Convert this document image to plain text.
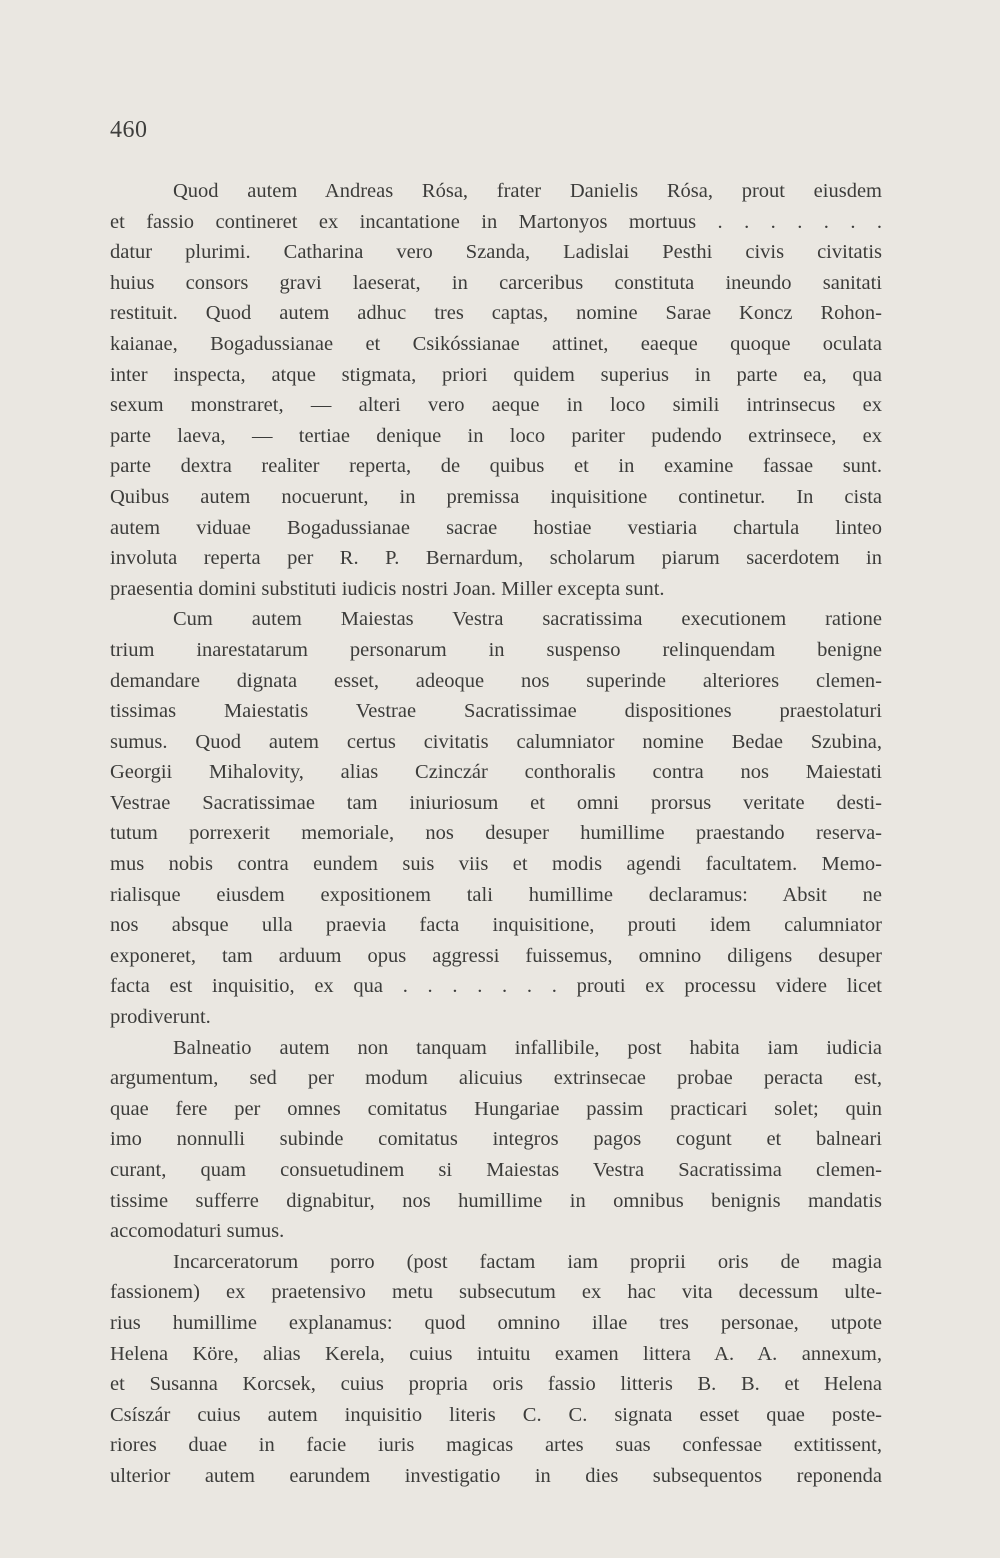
460
Quod autem Andreas Rósa, frater Danielis Rósa, prout eiusdem
et fassio contineret ex incantatione in Martonyos mortuus . . . . . . .
datur plurimi. Catharina vero Szanda, Ladislai Pesthi civis civitatis
huius consors gravi laeserat, in carceribus constituta ineundo sanitati
restituit. Quod autem adhuc tres captas, nomine Sarae Koncz Rohon-
kaianae, Bogadussianae et Csikóssianae attinet, eaeque quoque oculata
inter inspecta, atque stigmata, priori quidem superius in parte ea, qua
sexum monstraret, — alteri vero aeque in loco simili intrinsecus ex
parte laeva, — tertiae denique in loco pariter pudendo extrinsece, ex
parte dextra realiter reperta, de quibus et in examine fassae sunt.
Quibus autem nocuerunt, in premissa inquisitione continetur. In cista
autem viduae Bogadussianae sacrae hostiae vestiaria chartula linteo
involuta reperta per R. P. Bernardum, scholarum piarum sacerdotem in
praesentia domini substituti iudicis nostri Joan. Miller excepta sunt.
Cum autem Maiestas Vestra sacratissima executionem ratione
trium inarestatarum personarum in suspenso relinquendam benigne
demandare dignata esset, adeoque nos superinde alteriores clemen-
tissimas Maiestatis Vestrae Sacratissimae dispositiones praestolaturi
sumus. Quod autem certus civitatis calumniator nomine Bedae Szubina,
Georgii Mihalovity, alias Czinczár conthoralis contra nos Maiestati
Vestrae Sacratissimae tam iniuriosum et omni prorsus veritate desti-
tutum porrexerit memoriale, nos desuper humillime praestando reserva-
mus nobis contra eundem suis viis et modis agendi facultatem. Memo-
rialisque eiusdem expositionem tali humillime declaramus: Absit ne
nos absque ulla praevia facta inquisitione, prouti idem calumniator
exponeret, tam arduum opus aggressi fuissemus, omnino diligens desuper
facta est inquisitio, ex qua . . . . . . . prouti ex processu videre licet
prodiverunt.
Balneatio autem non tanquam infallibile, post habita iam iudicia
argumentum, sed per modum alicuius extrinsecae probae peracta est,
quae fere per omnes comitatus Hungariae passim practicari solet; quin
imo nonnulli subinde comitatus integros pagos cogunt et balneari
curant, quam consuetudinem si Maiestas Vestra Sacratissima clemen-
tissime sufferre dignabitur, nos humillime in omnibus benignis mandatis
accomodaturi sumus.
Incarceratorum porro (post factam iam proprii oris de magia
fassionem) ex praetensivo metu subsecutum ex hac vita decessum ulte-
rius humillime explanamus: quod omnino illae tres personae, utpote
Helena Köre, alias Kerela, cuius intuitu examen littera A. A. annexum,
et Susanna Korcsek, cuius propria oris fassio litteris B. B. et Helena
Csíszár cuius autem inquisitio literis C. C. signata esset quae poste-
riores duae in facie iuris magicas artes suas confessae extitissent,
ulterior autem earundem investigatio in dies subsequentos reponenda
